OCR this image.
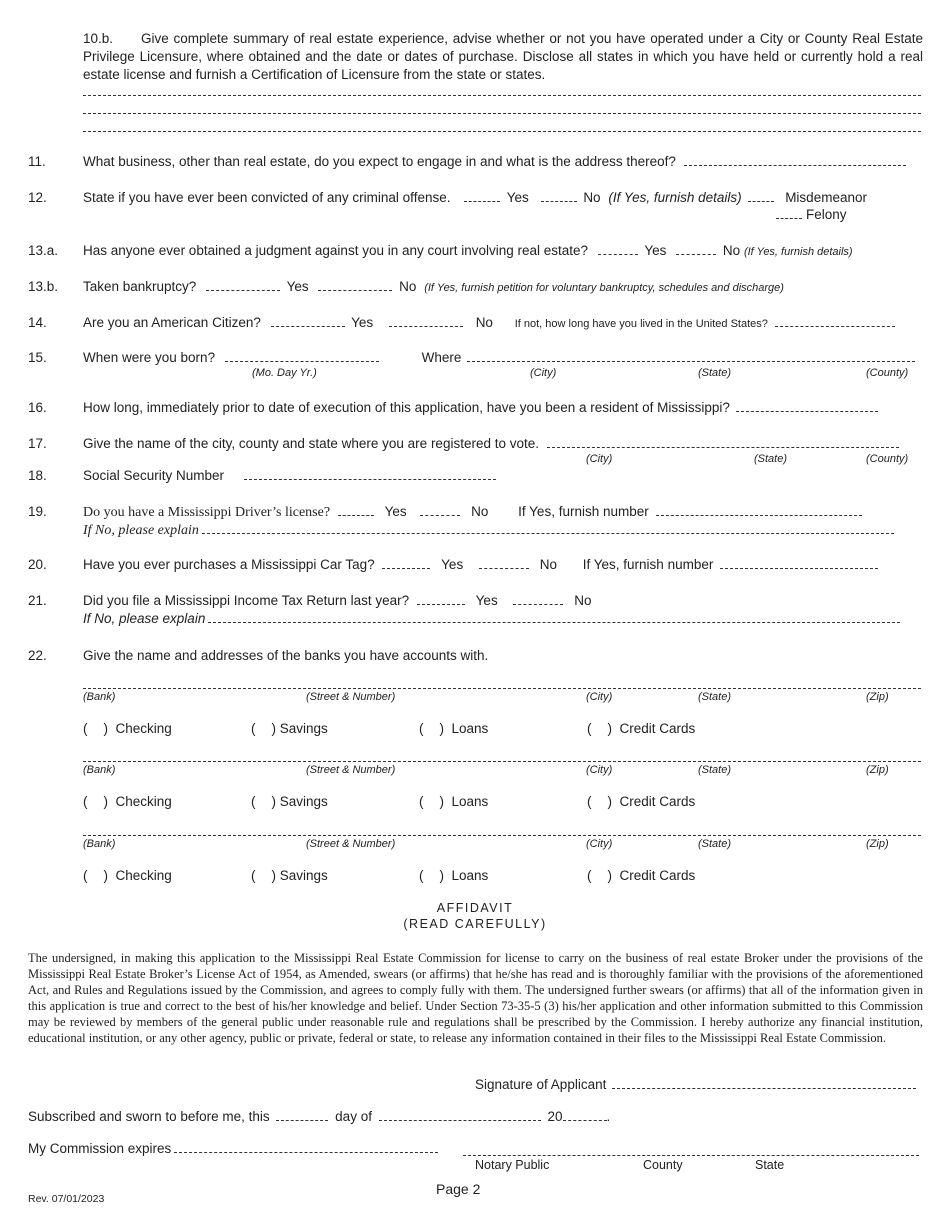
10.b. Give complete summary of real estate experience, advise whether or not you have operated under a City or County Real Estate Privilege Licensure, where obtained and the date or dates of purchase. Disclose all states in which you have held or currently hold a real estate license and furnish a Certification of Licensure from the state or states.
11.	What business, other than real estate, do you expect to engage in and what is the address thereof?
12.	State if you have ever been convicted of any criminal offense.	Yes	No (If Yes, furnish details)	Misdemeanor
Felony
13.a. Has anyone ever obtained a judgment against you in any court involving real estate?	Yes	No (If Yes, furnish details)
13.b. Taken bankruptcy?	Yes	No (If Yes, furnish petition for voluntary bankruptcy, schedules and discharge)
14.	Are you an American Citizen?	Yes	No If not, how long have you lived in the United States?
15.	When were you born?	Where
(Mo. Day Yr.)	(City)	(State)	(County)
16.	How long, immediately prior to date of execution of this application, have you been a resident of Mississippi?
17.	Give the name of the city, county and state where you are registered to vote.
(City)	(State)	(County)
18.	Social Security Number
19.	Do you have a Mississippi Driver’s license?	Yes	No If Yes, furnish number
If No, please explain
20.	Have you ever purchases a Mississippi Car Tag?	Yes	No If Yes, furnish number
21.	Did you file a Mississippi Income Tax Return last year?	Yes	No
If No, please explain
22.	Give the name and addresses of the banks you have accounts with.
(Bank)	(Street & Number)	(City)	(State)	(Zip)
( ) Checking	( ) Savings	( ) Loans	( ) Credit Cards
(Bank)	(Street & Number)	(City)	(State)	(Zip)
( ) Checking	( ) Savings	( ) Loans	( ) Credit Cards
(Bank)	(Street & Number)	(City)	(State)	(Zip)
( ) Checking	( ) Savings	( ) Loans	( ) Credit Cards
AFFIDAVIT
(READ CAREFULLY)
The undersigned, in making this application to the Mississippi Real Estate Commission for license to carry on the business of real estate Broker under the provisions of the Mississippi Real Estate Broker’s License Act of 1954, as Amended, swears (or affirms) that he/she has read and is thoroughly familiar with the provisions of the aforementioned Act, and Rules and Regulations issued by the Commission, and agrees to comply fully with them. The undersigned further swears (or affirms) that all of the information given in this application is true and correct to the best of his/her knowledge and belief. Under Section 73-35-5 (3) his/her application and other information submitted to this Commission may be reviewed by members of the general public under reasonable rule and regulations shall be prescribed by the Commission. I hereby authorize any financial institution, educational institution, or any other agency, public or private, federal or state, to release any information contained in their files to the Mississippi Real Estate Commission.
Signature of Applicant
Subscribed and sworn to before me, this	day of	20	.
My Commission expires
Notary Public	County	State
Page 2
Rev. 07/01/2023
